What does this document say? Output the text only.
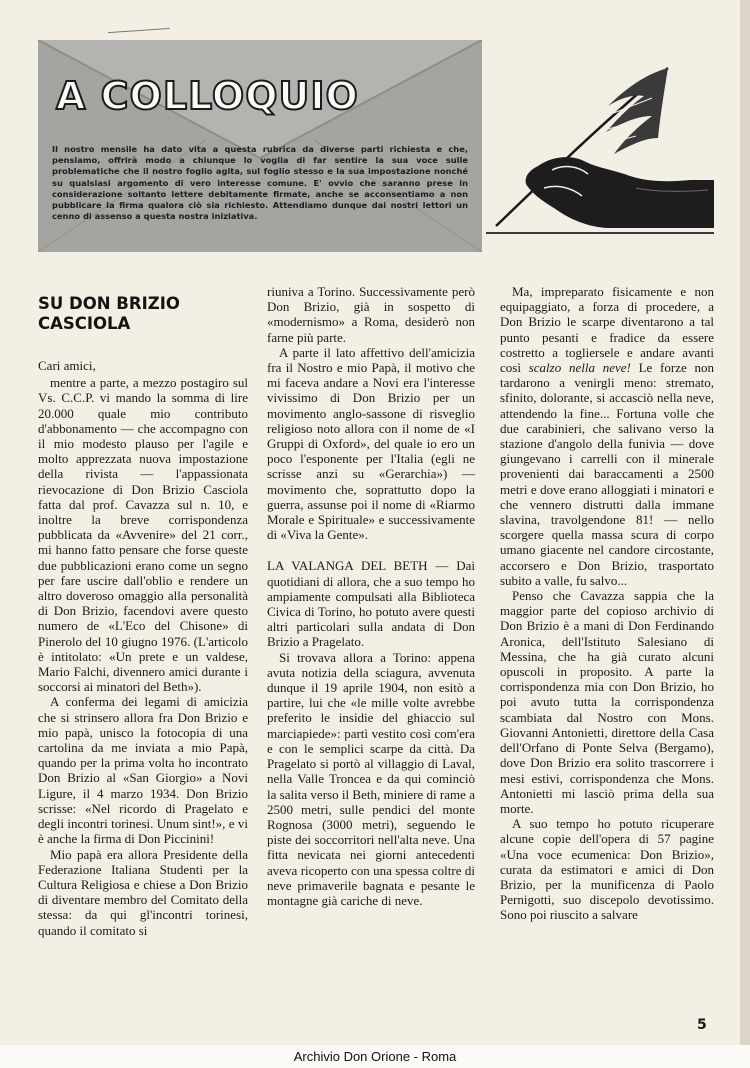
A COLLOQUIO

Il nostro mensile ha dato vita a questa rubrica da diverse parti richiesta e che, pensiamo, offrirà modo a chiunque lo voglia di far sentire la sua voce sulle problematiche che il nostro foglio agita, sul foglio stesso e la sua impostazione nonché su qualsiasi argomento di vero interesse comune. E' ovvio che saranno prese in considerazione soltanto lettere debitamente firmate, anche se acconsentiamo a non pubblicare la firma qualora ciò sia richiesto. Attendiamo dunque dai nostri lettori un cenno di assenso a questa nostra iniziativa.

SU DON BRIZIO CASCIOLA

Cari amici,

mentre a parte, a mezzo postagiro sul Vs. C.C.P. vi mando la somma di lire 20.000 quale mio contributo d'abbonamento — che accompagno con il mio modesto plauso per l'agile e molto apprezzata nuova impostazione della rivista — l'appassionata rievocazione di Don Brizio Casciola fatta dal prof. Cavazza sul n. 10, e inoltre la breve corrispondenza pubblicata da «Avvenire» del 21 corr., mi hanno fatto pensare che forse queste due pubblicazioni erano come un segno per fare uscire dall'oblio e rendere un altro doveroso omaggio alla personalità di Don Brizio, facendovi avere questo numero de «L'Eco del Chisone» di Pinerolo del 10 giugno 1976. (L'articolo è intitolato: «Un prete e un valdese, Mario Falchi, divennero amici durante i soccorsi ai minatori del Beth»).

A conferma dei legami di amicizia che si strinsero allora fra Don Brizio e mio papà, unisco la fotocopia di una cartolina da me inviata a mio Papà, quando per la prima volta ho incontrato Don Brizio al «San Giorgio» a Novi Ligure, il 4 marzo 1934. Don Brizio scrisse: «Nel ricordo di Pragelato e degli incontri torinesi. Unum sint!», e vi è anche la firma di Don Piccinini!

Mio papà era allora Presidente della Federazione Italiana Studenti per la Cultura Religiosa e chiese a Don Brizio di diventare membro del Comitato della stessa: da qui gl'incontri torinesi, quando il comitato si

riuniva a Torino. Successivamente però Don Brizio, già in sospetto di «modernismo» a Roma, desiderò non farne più parte.

A parte il lato affettivo dell'amicizia fra il Nostro e mio Papà, il motivo che mi faceva andare a Novi era l'interesse vivissimo di Don Brizio per un movimento anglo-sassone di risveglio religioso noto allora con il nome de «I Gruppi di Oxford», del quale io ero un poco l'esponente per l'Italia (egli ne scrisse anzi su «Gerarchia») — movimento che, soprattutto dopo la guerra, assunse poi il nome di «Riarmo Morale e Spirituale» e successivamente di «Viva la Gente».

LA VALANGA DEL BETH — Dai quotidiani di allora, che a suo tempo ho ampiamente compulsati alla Biblioteca Civica di Torino, ho potuto avere questi altri particolari sulla andata di Don Brizio a Pragelato.

Si trovava allora a Torino: appena avuta notizia della sciagura, avvenuta dunque il 19 aprile 1904, non esitò a partire, lui che «le mille volte avrebbe preferito le insidie del ghiaccio sul marciapiede»: partì vestito così com'era e con le semplici scarpe da città. Da Pragelato si portò al villaggio di Laval, nella Valle Troncea e da qui cominciò la salita verso il Beth, miniere di rame a 2500 metri, sulle pendici del monte Rognosa (3000 metri), seguendo le piste dei soccorritori nell'alta neve. Una fitta nevicata nei giorni antecedenti aveva ricoperto con una spessa coltre di neve primaverile bagnata e pesante le montagne già cariche di neve.

Ma, impreparato fisicamente e non equipaggiato, a forza di procedere, a Don Brizio le scarpe diventarono a tal punto pesanti e fradice da essere costretto a togliersele e andare avanti così scalzo nella neve! Le forze non tardarono a venirgli meno: stremato, sfinito, dolorante, si accasciò nella neve, attendendo la fine... Fortuna volle che due carabinieri, che salivano verso la stazione d'angolo della funivia — dove giungevano i carrelli con il minerale provenienti dai baraccamenti a 2500 metri e dove erano alloggiati i minatori e che vennero distrutti dalla immane slavina, travolgendone 81! — nello scorgere quella massa scura di corpo umano giacente nel candore circostante, accorsero e Don Brizio, trasportato subito a valle, fu salvo...

Penso che Cavazza sappia che la maggior parte del copioso archivio di Don Brizio è a mani di Don Ferdinando Aronica, dell'Istituto Salesiano di Messina, che ha già curato alcuni opuscoli in proposito. A parte la corrispondenza mia con Don Brizio, ho poi avuto tutta la corrispondenza scambiata dal Nostro con Mons. Giovanni Antonietti, direttore della Casa dell'Orfano di Ponte Selva (Bergamo), dove Don Brizio era solito trascorrere i mesi estivi, corrispondenza che Mons. Antonietti mi lasciò prima della sua morte.

A suo tempo ho potuto ricuperare alcune copie dell'opera di 57 pagine «Una voce ecumenica: Don Brizio», curata da estimatori e amici di Don Brizio, per la munificenza di Paolo Pernigotti, suo discepolo devotissimo. Sono poi riuscito a salvare

5

Archivio Don Orione - Roma
